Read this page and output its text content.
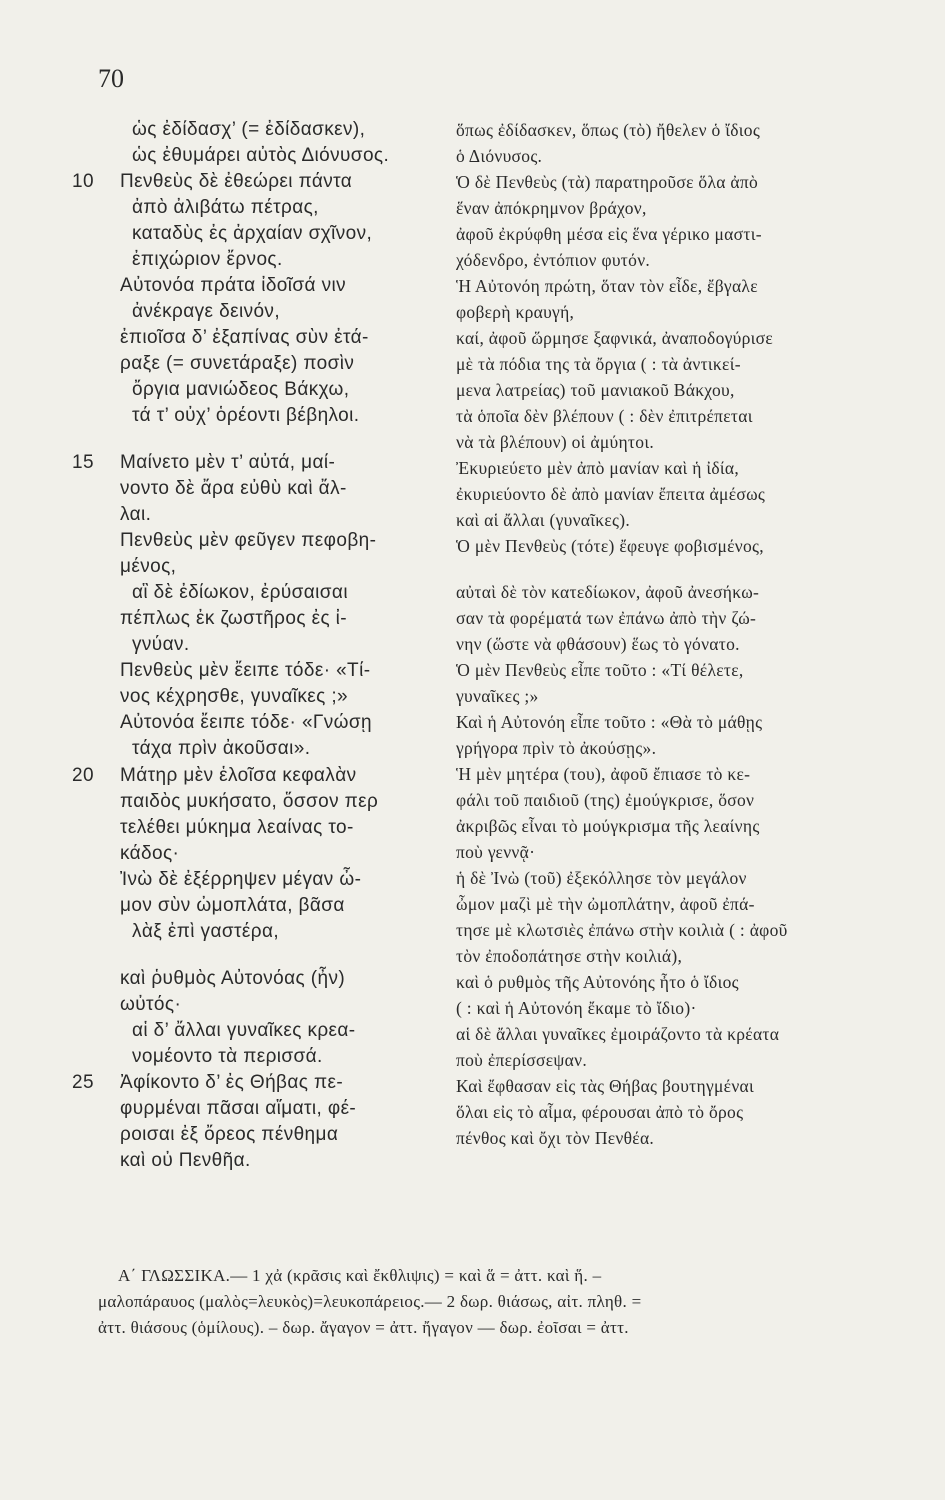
70
ὡς ἐδίδασχ’ (= ἐδίδασκεν),
ὡς ἐθυμάρει αὐτὸς Διόνυσος.
10 Πενθεὺς δὲ ἐθεώρει πάντα
ἀπὸ ἀλιβάτω πέτρας,
καταδὺς ἐς ἀρχαίαν σχῖνον,
ἐπιχώριον ἔρνος.
Αὐτονόα πράτα ἰδοῖσά νιν
ἀνέκραγε δεινόν,
ἐπιοῖσα δ’ ἐξαπίνας σὺν ἐτά-
ραξε (= συνετάραξε) ποσὶν
ὄργια μανιώδεος Βάκχω,
τά τ’ οὐχ’ ὁρέοντι βέβηλοι.
15 Μαίνετο μὲν τ’ αὐτά, μαί-
νοντο δὲ ἄρα εὐθὺ καὶ ἄλ-
λαι.
Πενθεὺς μὲν φεῦγεν πεφοβη-
μένος,
αἳ δὲ ἐδίωκον, ἐρύσαισαι
πέπλως ἐκ ζωστῆρος ἐς ἰ-
γνύαν.
Πενθεὺς μὲν ἔειπε τόδε· «Τί-
νος κέχρησθε, γυναῖκες ;»
Αὐτονόα ἔειπε τόδε· «Γνώσῃ
τάχα πρὶν ἀκοῦσαι».
20 Μάτηρ μὲν ἑλοῖσα κεφαλὰν
παιδὸς μυκήσατο, ὅσσον περ
τελέθει μύκημα λεαίνας το-
κάδος·
Ἰνὼ δὲ ἐξέρρηψεν μέγαν ὦ-
μον σὺν ὠμοπλάτα, βᾶσα
λὰξ ἐπὶ γαστέρα,
καὶ ῥυθμὸς Αὐτονόας (ἦν)
ωὐτός·
αἱ δ’ ἄλλαι γυναῖκες κρεα-
νομέοντο τὰ περισσά.
25 Ἀφίκοντο δ’ ἐς Θήβας πε-
φυρμέναι πᾶσαι αἵματι, φέ-
ροισαι ἐξ ὄρεος πένθημα
καὶ οὐ Πενθῆα.
ὅπως ἐδίδασκεν, ὅπως (τὸ) ἤθελεν ὁ ἴδιος
ὁ Διόνυσος.
Ὁ δὲ Πενθεὺς (τὰ) παρατηροῦσε ὅλα ἀπὸ
ἕναν ἀπόκρημνον βράχον,
ἀφοῦ ἐκρύφθη μέσα εἰς ἕνα γέρικο μαστι-
χόδενδρο, ἐντόπιον φυτόν.
Ἡ Αὐτονόη πρώτη, ὅταν τὸν εἶδε, ἔβγαλε
φοβερὴ κραυγή,
καί, ἀφοῦ ὥρμησε ξαφνικά, ἀναποδογύρισε
μὲ τὰ πόδια της τὰ ὄργια ( : τὰ ἀντικεί-
μενα λατρείας) τοῦ μανιακοῦ Βάκχου,
τὰ ὁποῖα δὲν βλέπουν ( : δὲν ἐπιτρέπεται
νὰ τὰ βλέπουν) οἱ ἀμύητοι.
Ἐκυριεύετο μὲν ἀπὸ μανίαν καὶ ἡ ἰδία,
ἐκυριεύοντο δὲ ἀπὸ μανίαν ἔπειτα ἀμέσως
καὶ αἱ ἄλλαι (γυναῖκες).
Ὁ μὲν Πενθεὺς (τότε) ἔφευγε φοβισμένος,
αὐταὶ δὲ τὸν κατεδίωκον, ἀφοῦ ἀνεσήκω-
σαν τὰ φορέματά των ἐπάνω ἀπὸ τὴν ζώ-
νην (ὥστε νὰ φθάσουν) ἕως τὸ γόνατο.
Ὁ μὲν Πενθεὺς εἶπε τοῦτο : «Τί θέλετε,
γυναῖκες ;»
Καὶ ἡ Αὐτονόη εἶπε τοῦτο : «Θὰ τὸ μάθῃς
γρήγορα πρὶν τὸ ἀκούσῃς».
Ἡ μὲν μητέρα (του), ἀφοῦ ἔπιασε τὸ κε-
φάλι τοῦ παιδιοῦ (της) ἐμούγκρισε, ὅσον
ἀκριβῶς εἶναι τὸ μούγκρισμα τῆς λεαίνης
ποὺ γεννᾷ·
ἡ δὲ Ἰνὼ (τοῦ) ἐξεκόλλησε τὸν μεγάλον
ὦμον μαζὶ μὲ τὴν ὠμοπλάτην, ἀφοῦ ἐπά-
τησε μὲ κλωτσιὲς ἐπάνω στὴν κοιλιὰ ( : ἀφοῦ
τὸν ἐποδοπάτησε στὴν κοιλιά),
καὶ ὁ ρυθμὸς τῆς Αὐτονόης ἦτο ὁ ἴδιος
( : καὶ ἡ Αὐτονόη ἔκαμε τὸ ἴδιο)·
αἱ δὲ ἄλλαι γυναῖκες ἐμοιράζοντο τὰ κρέατα
ποὺ ἐπερίσσεψαν.
Καὶ ἔφθασαν εἰς τὰς Θήβας βουτηγμέναι
ὅλαι εἰς τὸ αἷμα, φέρουσαι ἀπὸ τὸ ὄρος
πένθος καὶ ὄχι τὸν Πενθέα.
Α΄ ΓΛΩΣΣΙΚΑ.— 1 χἀ (κρᾶσις καὶ ἔκθλιψις) = καὶ ἅ = ἀττ. καὶ ἥ. –
μαλοπάραυος (μαλὸς=λευκὸς)=λευκοπάρειος.— 2 δωρ. θιάσως, αἰτ. πληθ. =
ἀττ. θιάσους (ὁμίλους). – δωρ. ἄγαγον = ἀττ. ἤγαγον — δωρ. ἐοῖσαι = ἀττ.
